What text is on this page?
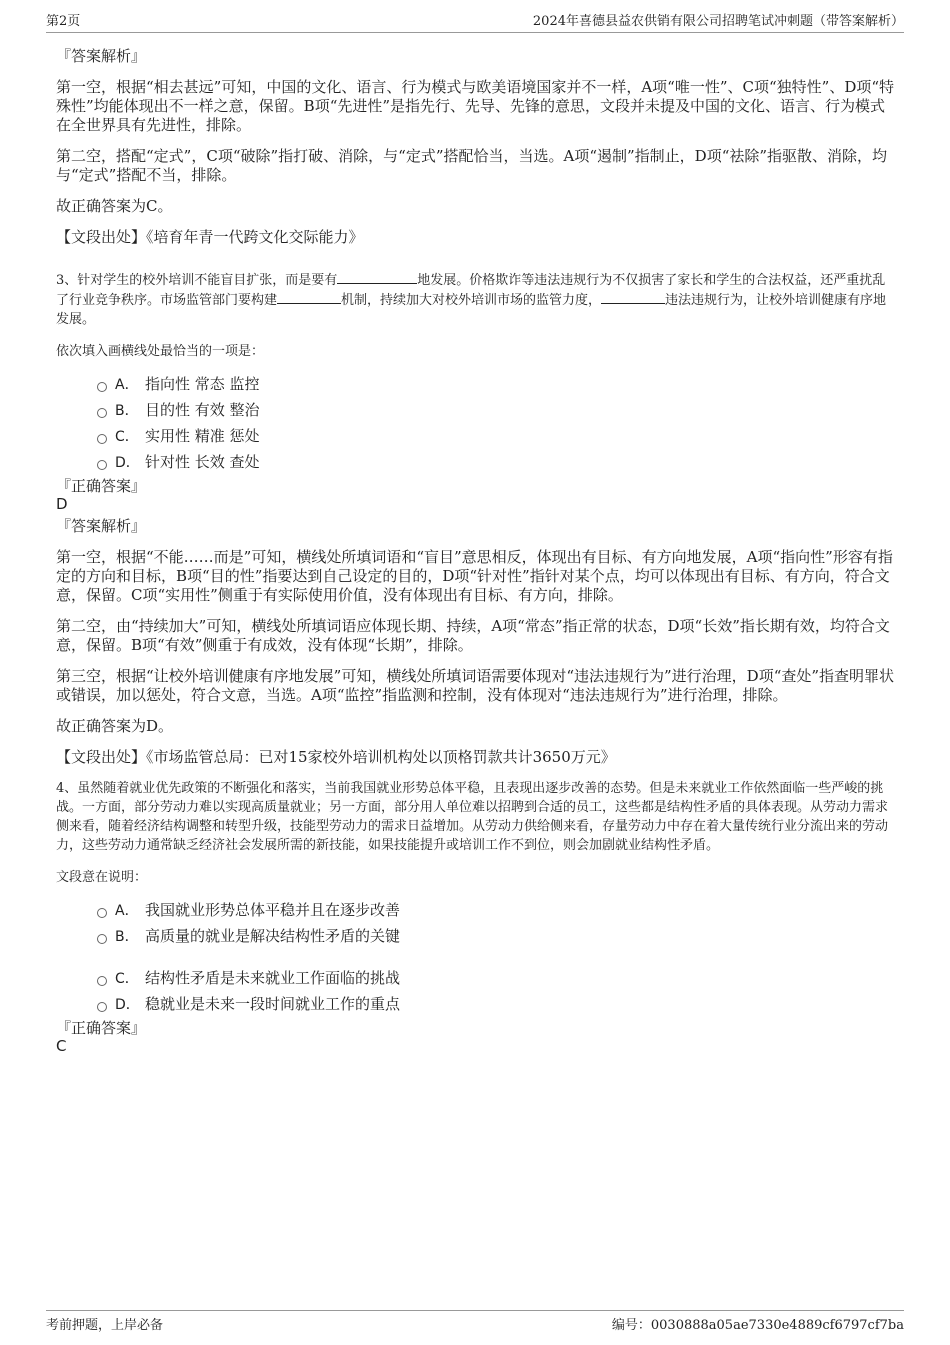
第2页	2024年喜德县益农供销有限公司招聘笔试冲刺题（带答案解析）

『答案解析』

第一空，根据“相去甚远”可知，中国的文化、语言、行为模式与欧美语境国家并不一样，A项“唯一性”、C项“独特性”、D项“特殊性”均能体现出不一样之意，保留。B项“先进性”是指先行、先导、先锋的意思，文段并未提及中国的文化、语言、行为模式在全世界具有先进性，排除。

第二空，搭配“定式”，C项“破除”指打破、消除，与“定式”搭配恰当，当选。A项“遏制”指制止，D项“祛除”指驱散、消除，均与“定式”搭配不当，排除。

故正确答案为C。

【文段出处】《培育年青一代跨文化交际能力》

3、针对学生的校外培训不能盲目扩张，而是要有	地发展。价格欺诈等违法违规行为不仅损害了家长和学生的合法权益，还严重扰乱了行业竞争秩序。市场监管部门要构建	机制，持续加大对校外培训市场的监管力度，	违法违规行为，让校外培训健康有序地发展。

依次填入画横线处最恰当的一项是：

A． 指向性 常态 监控
B． 目的性 有效 整治
C． 实用性 精准 惩处
D． 针对性 长效 查处

『正确答案』

D

『答案解析』

第一空，根据“不能……而是”可知，横线处所填词语和“盲目”意思相反，体现出有目标、有方向地发展，A项“指向性”形容有指定的方向和目标，B项“目的性”指要达到自己设定的目的，D项“针对性”指针对某个点，均可以体现出有目标、有方向，符合文意，保留。C项“实用性”侧重于有实际使用价值，没有体现出有目标、有方向，排除。

第二空，由“持续加大”可知，横线处所填词语应体现长期、持续，A项“常态”指正常的状态，D项“长效”指长期有效，均符合文意，保留。B项“有效”侧重于有成效，没有体现“长期”，排除。

第三空，根据“让校外培训健康有序地发展”可知，横线处所填词语需要体现对“违法违规行为”进行治理，D项“查处”指查明罪状或错误，加以惩处，符合文意，当选。A项“监控”指监测和控制，没有体现对“违法违规行为”进行治理，排除。

故正确答案为D。

【文段出处】《市场监管总局：已对15家校外培训机构处以顶格罚款共计3650万元》

4、虽然随着就业优先政策的不断强化和落实，当前我国就业形势总体平稳，且表现出逐步改善的态势。但是未来就业工作依然面临一些严峻的挑战。一方面，部分劳动力难以实现高质量就业；另一方面，部分用人单位难以招聘到合适的员工，这些都是结构性矛盾的具体表现。从劳动力需求侧来看，随着经济结构调整和转型升级，技能型劳动力的需求日益增加。从劳动力供给侧来看，存量劳动力中存在着大量传统行业分流出来的劳动力，这些劳动力通常缺乏经济社会发展所需的新技能，如果技能提升或培训工作不到位，则会加剧就业结构性矛盾。

文段意在说明：

A． 我国就业形势总体平稳并且在逐步改善
B． 高质量的就业是解决结构性矛盾的关键
C． 结构性矛盾是未来就业工作面临的挑战
D． 稳就业是未来一段时间就业工作的重点

『正确答案』

C

考前押题，上岸必备	编号：0030888a05ae7330e4889cf6797cf7ba
